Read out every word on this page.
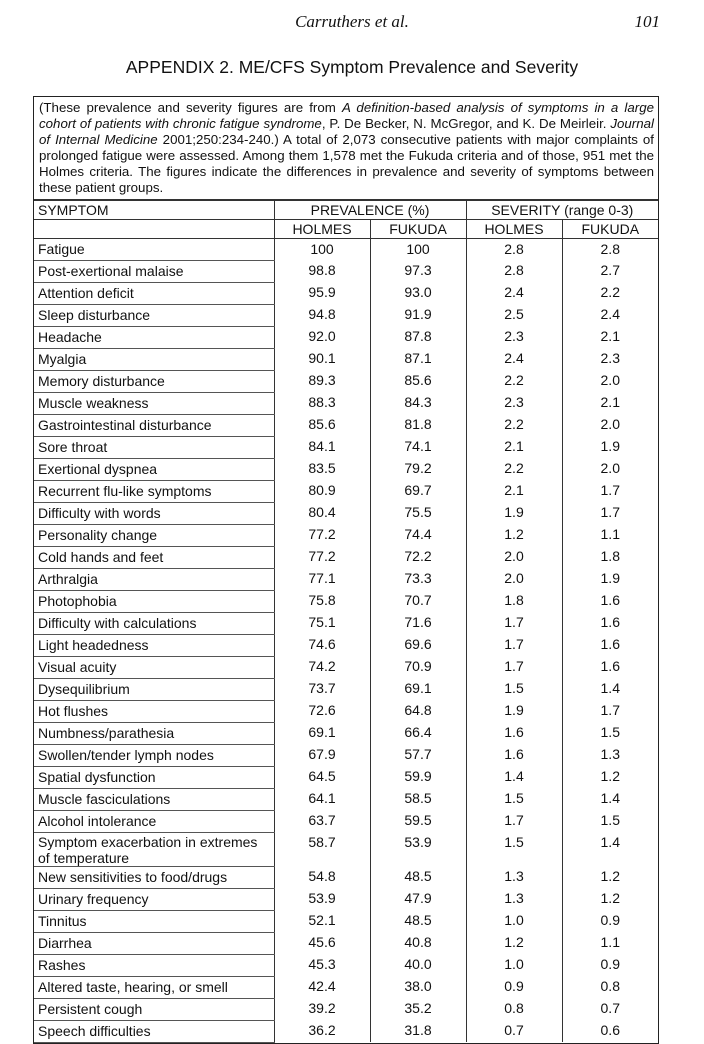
Carruthers et al.	101
APPENDIX 2. ME/CFS Symptom Prevalence and Severity
(These prevalence and severity figures are from A definition-based analysis of symptoms in a large cohort of patients with chronic fatigue syndrome, P. De Becker, N. McGregor, and K. De Meirleir. Journal of Internal Medicine 2001;250:234-240.) A total of 2,073 consecutive patients with major complaints of prolonged fatigue were assessed. Among them 1,578 met the Fukuda criteria and of those, 951 met the Holmes criteria. The figures indicate the differences in prevalence and severity of symptoms between these patient groups.
SYMPTOM	PREVALENCE (%)		SEVERITY (range 0-3)	
	HOLMES	FUKUDA	HOLMES	FUKUDA
Fatigue	100	100	2.8	2.8
Post-exertional malaise	98.8	97.3	2.8	2.7
Attention deficit	95.9	93.0	2.4	2.2
Sleep disturbance	94.8	91.9	2.5	2.4
Headache	92.0	87.8	2.3	2.1
Myalgia	90.1	87.1	2.4	2.3
Memory disturbance	89.3	85.6	2.2	2.0
Muscle weakness	88.3	84.3	2.3	2.1
Gastrointestinal disturbance	85.6	81.8	2.2	2.0
Sore throat	84.1	74.1	2.1	1.9
Exertional dyspnea	83.5	79.2	2.2	2.0
Recurrent flu-like symptoms	80.9	69.7	2.1	1.7
Difficulty with words	80.4	75.5	1.9	1.7
Personality change	77.2	74.4	1.2	1.1
Cold hands and feet	77.2	72.2	2.0	1.8
Arthralgia	77.1	73.3	2.0	1.9
Photophobia	75.8	70.7	1.8	1.6
Difficulty with calculations	75.1	71.6	1.7	1.6
Light headedness	74.6	69.6	1.7	1.6
Visual acuity	74.2	70.9	1.7	1.6
Dysequilibrium	73.7	69.1	1.5	1.4
Hot flushes	72.6	64.8	1.9	1.7
Numbness/parathesia	69.1	66.4	1.6	1.5
Swollen/tender lymph nodes	67.9	57.7	1.6	1.3
Spatial dysfunction	64.5	59.9	1.4	1.2
Muscle fasciculations	64.1	58.5	1.5	1.4
Alcohol intolerance	63.7	59.5	1.7	1.5
Symptom exacerbation in extremes of temperature	58.7	53.9	1.5	1.4
New sensitivities to food/drugs	54.8	48.5	1.3	1.2
Urinary frequency	53.9	47.9	1.3	1.2
Tinnitus	52.1	48.5	1.0	0.9
Diarrhea	45.6	40.8	1.2	1.1
Rashes	45.3	40.0	1.0	0.9
Altered taste, hearing, or smell	42.4	38.0	0.9	0.8
Persistent cough	39.2	35.2	0.8	0.7
Speech difficulties	36.2	31.8	0.7	0.6
